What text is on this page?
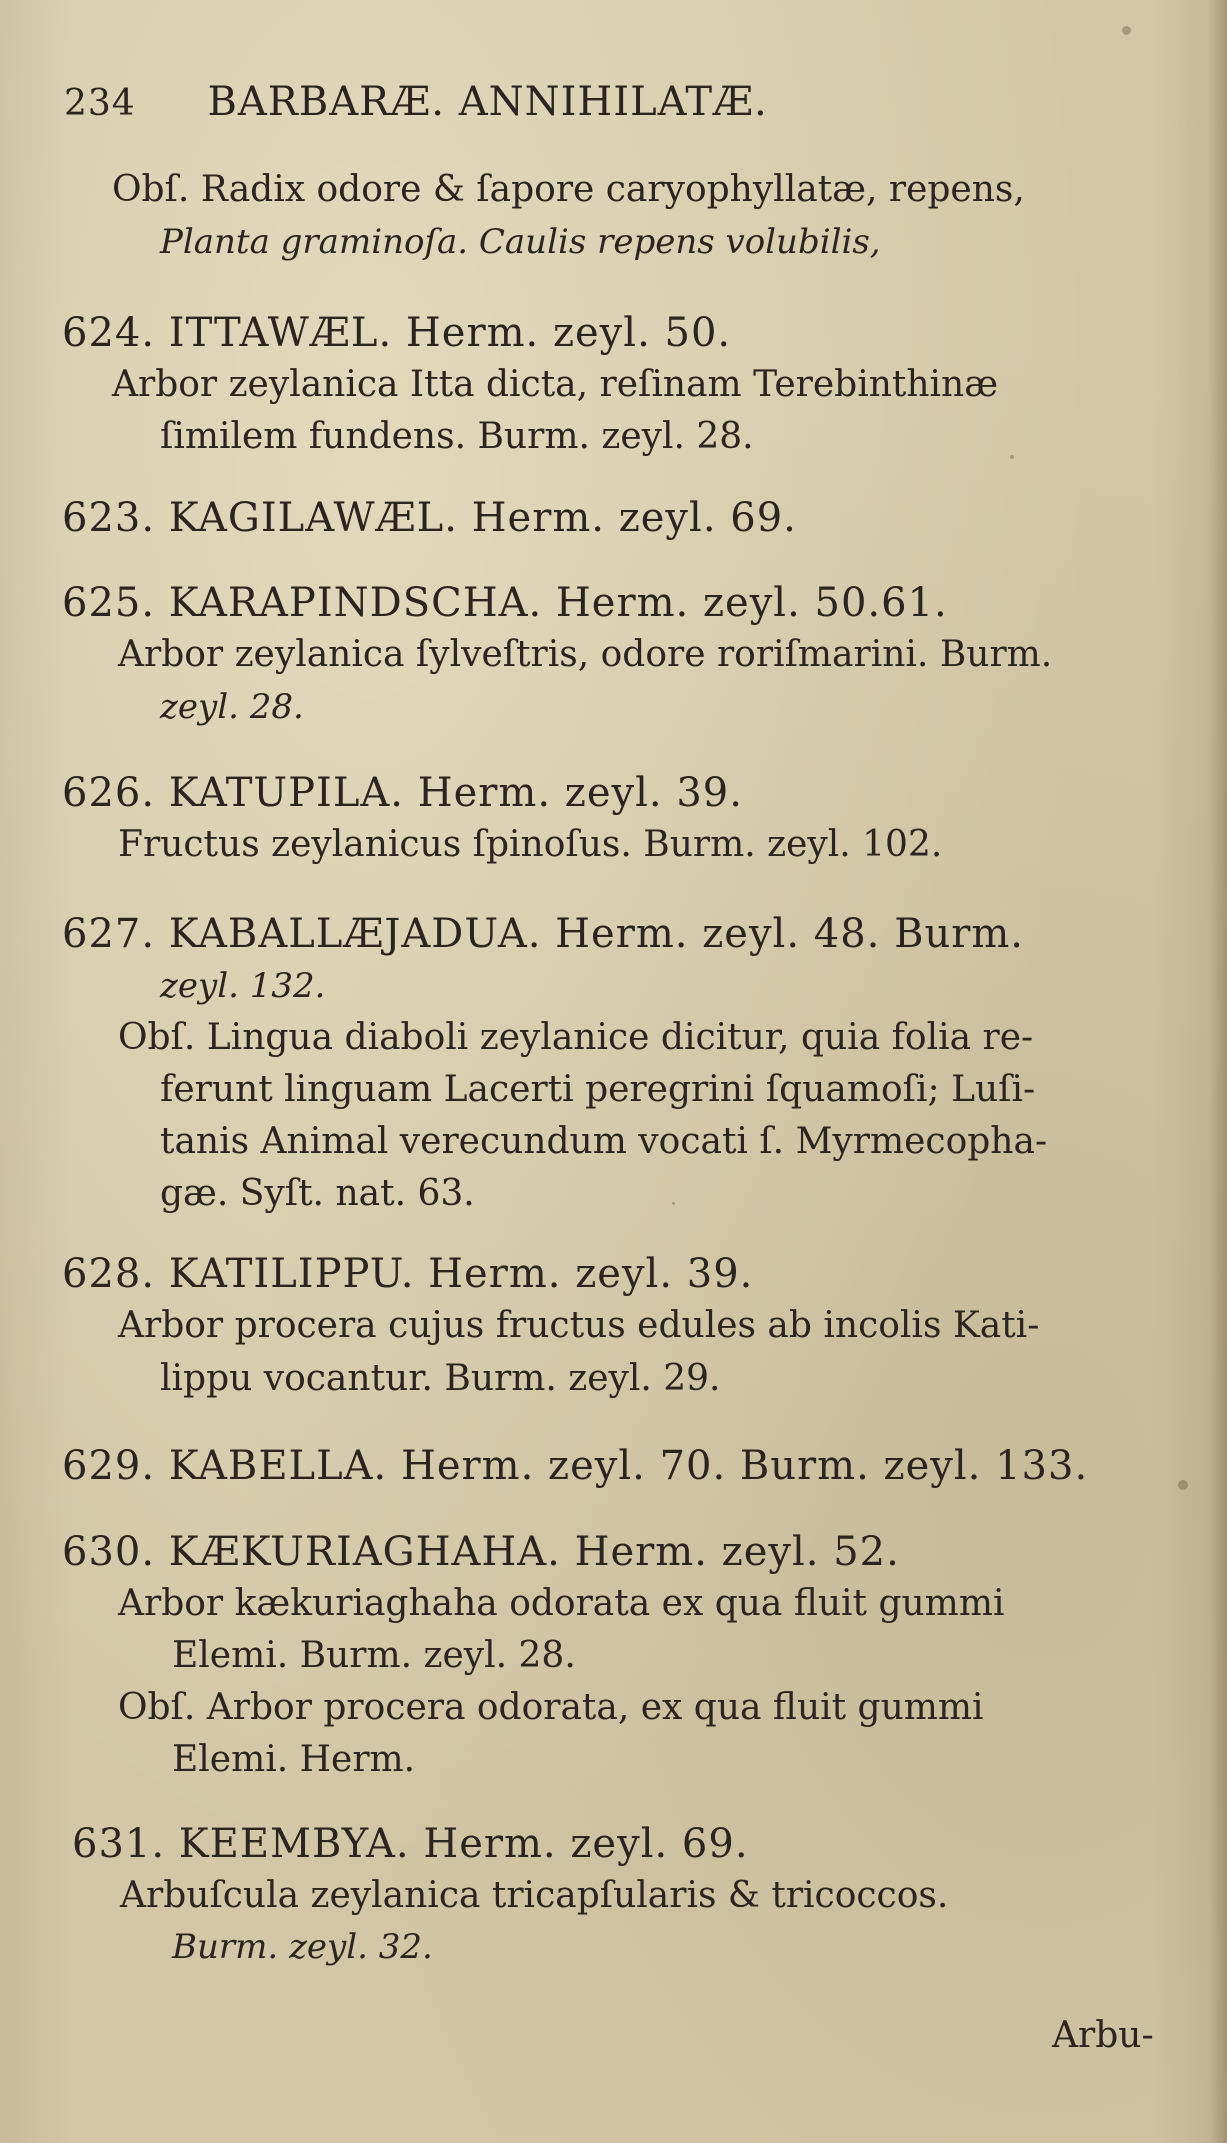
234 BARBARÆ. ANNIHILATÆ.
Obſ. Radix odore & ſapore caryophyllatæ, repens,
Planta graminoſa. Caulis repens volubilis,
624. ITTAWÆL. Herm. zeyl. 50.
Arbor zeylanica Itta dicta, reſinam Terebinthinæ
ſimilem fundens. Burm. zeyl. 28.
623. KAGILAWÆL. Herm. zeyl. 69.
625. KARAPINDSCHA. Herm. zeyl. 50.61.
Arbor zeylanica ſylveſtris, odore roriſmarini. Burm.
zeyl. 28.
626. KATUPILA. Herm. zeyl. 39.
Fructus zeylanicus ſpinoſus. Burm. zeyl. 102.
627. KABALLÆJADUA. Herm. zeyl. 48. Burm.
zeyl. 132.
Obſ. Lingua diaboli zeylanice dicitur, quia folia re-
ferunt linguam Lacerti peregrini ſquamoſi; Luſi-
tanis Animal verecundum vocati ſ. Myrmecopha-
gæ. Syſt. nat. 63.
628. KATILIPPU. Herm. zeyl. 39.
Arbor procera cujus fructus edules ab incolis Kati-
lippu vocantur. Burm. zeyl. 29.
629. KABELLA. Herm. zeyl. 70. Burm. zeyl. 133.
630. KÆKURIAGHAHA. Herm. zeyl. 52.
Arbor kækuriaghaha odorata ex qua fluit gummi
Elemi. Burm. zeyl. 28.
Obſ. Arbor procera odorata, ex qua fluit gummi
Elemi. Herm.
631. KEEMBYA. Herm. zeyl. 69.
Arbuſcula zeylanica tricapſularis & tricoccos.
Burm. zeyl. 32.
Arbu-
